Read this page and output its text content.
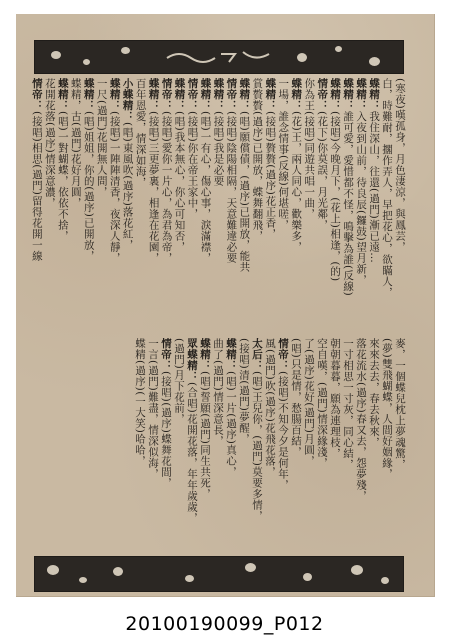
(寒夜)嘆孤身，月色淒涼，與鳳芸，
白，時難耐，擱作弄人，早把花心，欲瞞人，
蝶精：我住深山，往還(過門)漸已遠…
蝶精：入夜到山前，待良辰(鑼鼓)望月新，
蝶精：誰可愛，愛惜都不怪，鳴擊為誰(反線)
蝶精：(接唱)今晚月下，(花上)相逢，(的)
情帝：(花下)你莫誤，月光鄰，
你為王(接唱)同遊共唱一曲，
蝶精：(花)王，兩人同心，歡樂多，
一場，誰念情事(反線)何堪嗟，
蝶精：(接唱)贅贅(過序)花正香，
賞贅贅(過序)已開放，蝶舞翻飛，
蝶精：(唱)願償債，(過序)已開放，能共
情帝：(接唱)陰陽相隔，天意難違必要
蝶精：(接唱)我是必要
蝶精：(唱)一有心，傷心事，淚滿襟，
情帝：(接唱)你在帝王家中，
蝶精：(唱)我本無心，你心可知否，
情帝：(接唱)愛你一片心，為君為帝，
蝶精：(接唱)三更夢裏，相逢在花園，
百年恩愛，情深如海，
小蝶精：(唱)東風吹(過序)落花紅，
蝶精：(接唱)一陣陣清香，夜深人靜，
一尺(過門)花開無人問，
蝶精：(唱)姐姐，你的(過序)已開放，
蝶精，古(過門)花好月圓，
蝶精：(唱)一對蝴蝶，依依不捨，
花開花落(過序)情深意濃，
情帝：(接唱)相思(過門)留得花開一線
麥，一個蝶兒枕上夢魂驚，
(夢)雙飛蝴蝶，人間好姻緣，
來來去去，春去秋來，
落花流水(過序)春又去，怨夢殘，
一寸相思一寸灰，同心結，
朝朝暮暮，願為連理枝，
空自嘆，(過門)情深緣淺，
了(過序)花好(過門)月圓，
(唱)只是情，愁腸百結，
情帝：(接唱)不知今夕是何年，
風(過門)吹(過序)花飛花落，
太后：(唱)王兒你，(過門)莫要多情，
(接唱)清(過門)夢醒，
蝶精：(唱)一片(過序)真心，
曲了(過門)情深意長，
蝶精：(唱)誓願(過門)同生共死，
眾蝶精：(合唱)花開花落，年年歲歲，
(過門)月下花前，
情帝：(接唱)(過序)蝶舞花間，
一言(過門)難盡，情深似海，
蝶精(過序)(一大笑)哈哈，
20100190099_P012
